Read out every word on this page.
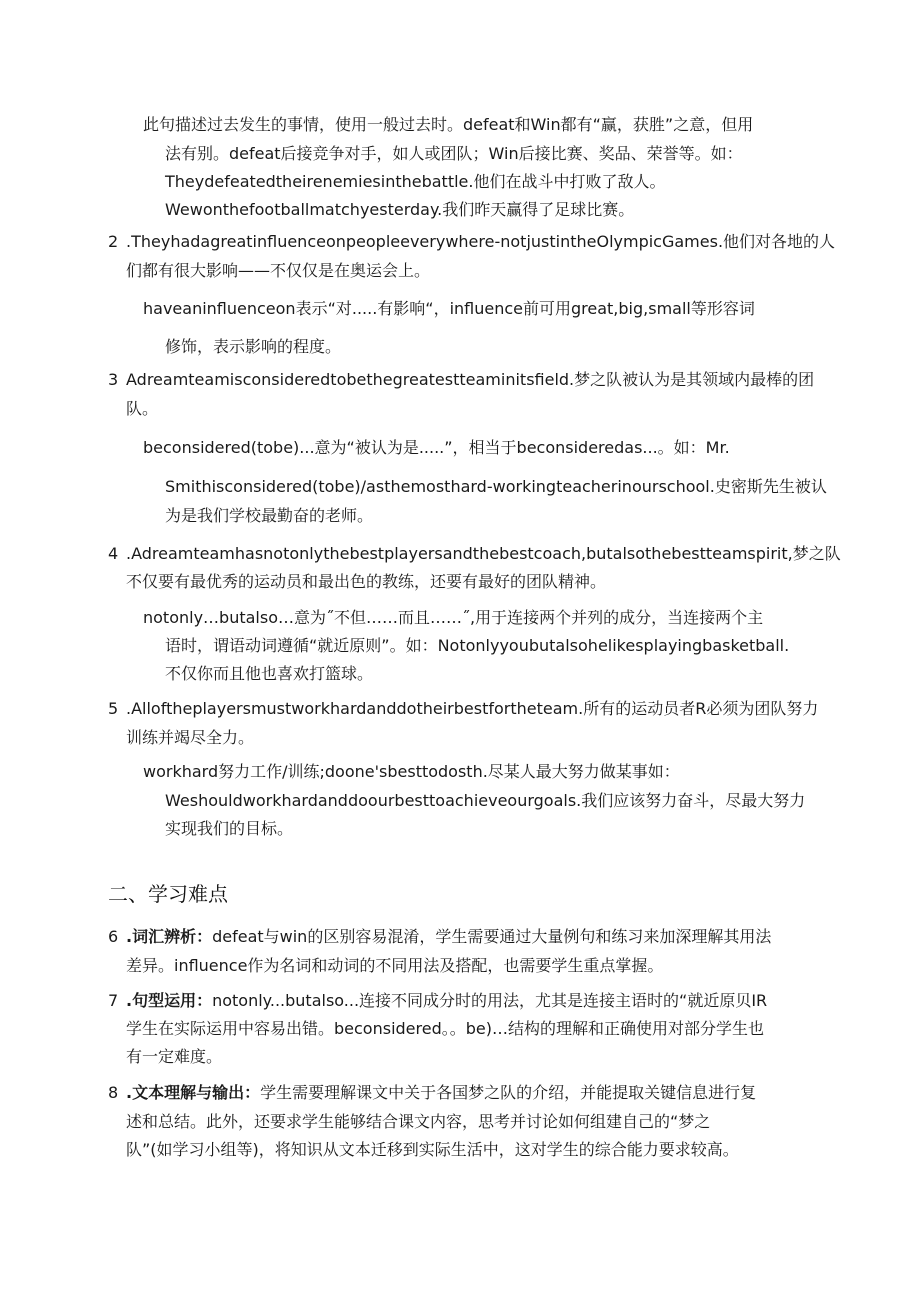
此句描述过去发生的事情，使用一般过去时。defeat和Win都有“赢，获胜”之意，但用
法有别。defeat后接竞争对手，如人或团队；Win后接比赛、奖品、荣誉等。如：
Theydefeatedtheirenemiesinthebattle.他们在战斗中打败了敌人。
Wewonthefootballmatchyesterday.我们昨天赢得了足球比赛。
2 .Theyhadagreatinfluenceonpeopleeverywhere-notjustintheOlympicGames.他们对各地的人
们都有很大影响——不仅仅是在奥运会上。
haveaninfluenceon表示“对.....有影响“，influence前可用great,big,small等形容词
修饰，表示影响的程度。
3 Adreamteamisconsideredtobethegreatestteaminitsfield.梦之队被认为是其领域内最棒的团
队。
beconsidered(tobe)...意为“被认为是.....”，相当于beconsideredas...。如：Mr.
Smithisconsidered(tobe)/asthemosthard-workingteacherinourschool.史密斯先生被认
为是我们学校最勤奋的老师。
4 .Adreamteamhasnotonlythebestplayersandthebestcoach,butalsothebestteamspirit,梦之队
不仅要有最优秀的运动员和最出色的教练，还要有最好的团队精神。
notonly…butalso…意为˝不但……而且……˝,用于连接两个并列的成分，当连接两个主
语时，谓语动词遵循“就近原则”。如：Notonlyyoubutalsohelikesplayingbasketball.
不仅你而且他也喜欢打篮球。
5 .Alloftheplayersmustworkhardanddotheirbestfortheteam.所有的运动员者R必须为团队努力
训练并竭尽全力。
workhard努力工作/训练;doone'sbesttodosth.尽某人最大努力做某事如：
Weshouldworkhardanddoourbesttoachieveourgoals.我们应该努力奋斗，尽最大努力
实现我们的目标。
二、学习难点
6 .词汇辨析：defeat与win的区别容易混淆，学生需要通过大量例句和练习来加深理解其用法
差异。influence作为名词和动词的不同用法及搭配，也需要学生重点掌握。
7 .句型运用：notonly...butalso...连接不同成分时的用法，尤其是连接主语时的“就近原贝IR
学生在实际运用中容易出错。beconsidered。。be)…结构的理解和正确使用对部分学生也
有一定难度。
8 .文本理解与输出：学生需要理解课文中关于各国梦之队的介绍，并能提取关键信息进行复
述和总结。此外，还要求学生能够结合课文内容，思考并讨论如何组建自己的“梦之
队”(如学习小组等)，将知识从文本迁移到实际生活中，这对学生的综合能力要求较高。
